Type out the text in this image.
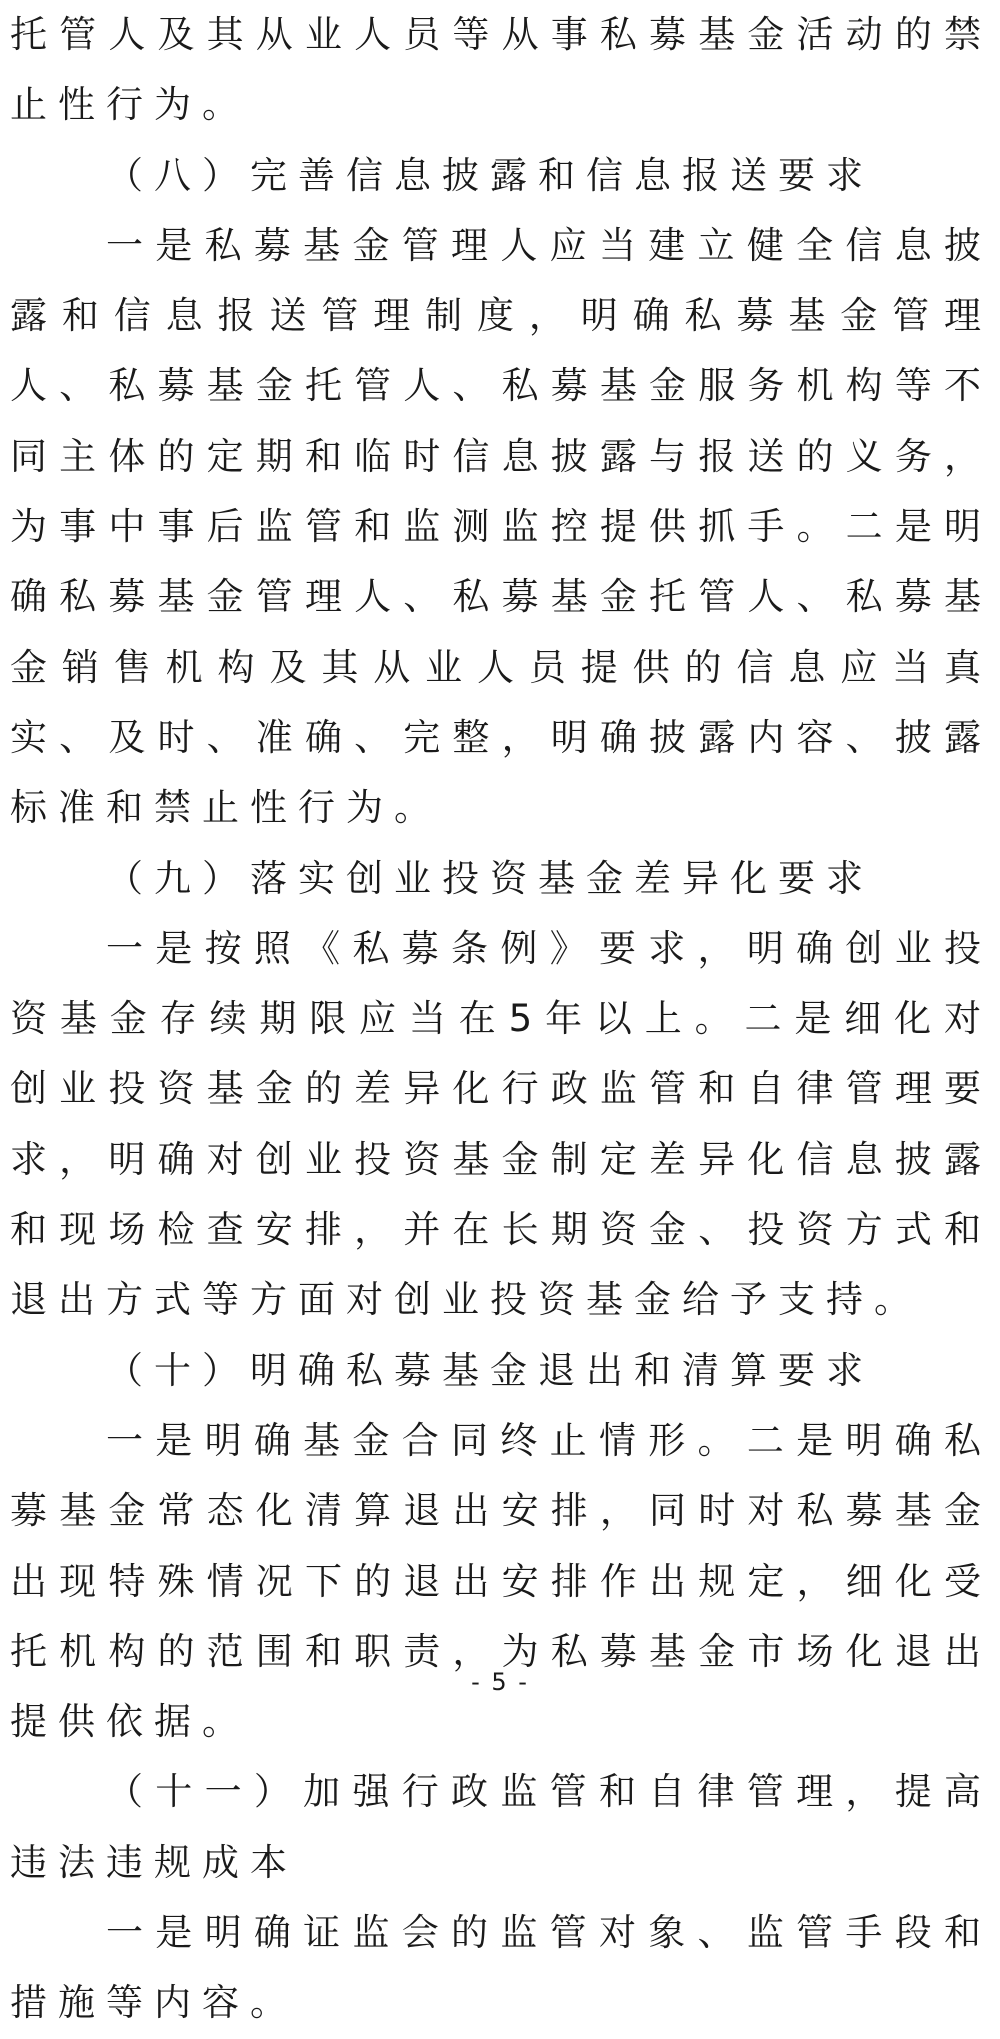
托管人及其从业人员等从事私募基金活动的禁止性行为。

（八）完善信息披露和信息报送要求

一是私募基金管理人应当建立健全信息披露和信息报送管理制度，明确私募基金管理人、私募基金托管人、私募基金服务机构等不同主体的定期和临时信息披露与报送的义务，为事中事后监管和监测监控提供抓手。二是明确私募基金管理人、私募基金托管人、私募基金销售机构及其从业人员提供的信息应当真实、及时、准确、完整，明确披露内容、披露标准和禁止性行为。

（九）落实创业投资基金差异化要求

一是按照《私募条例》要求，明确创业投资基金存续期限应当在5年以上。二是细化对创业投资基金的差异化行政监管和自律管理要求，明确对创业投资基金制定差异化信息披露和现场检查安排，并在长期资金、投资方式和退出方式等方面对创业投资基金给予支持。

（十）明确私募基金退出和清算要求

一是明确基金合同终止情形。二是明确私募基金常态化清算退出安排，同时对私募基金出现特殊情况下的退出安排作出规定，细化受托机构的范围和职责，为私募基金市场化退出提供依据。

（十一）加强行政监管和自律管理，提高违法违规成本

一是明确证监会的监管对象、监管手段和措施等内容。

- 5 -
